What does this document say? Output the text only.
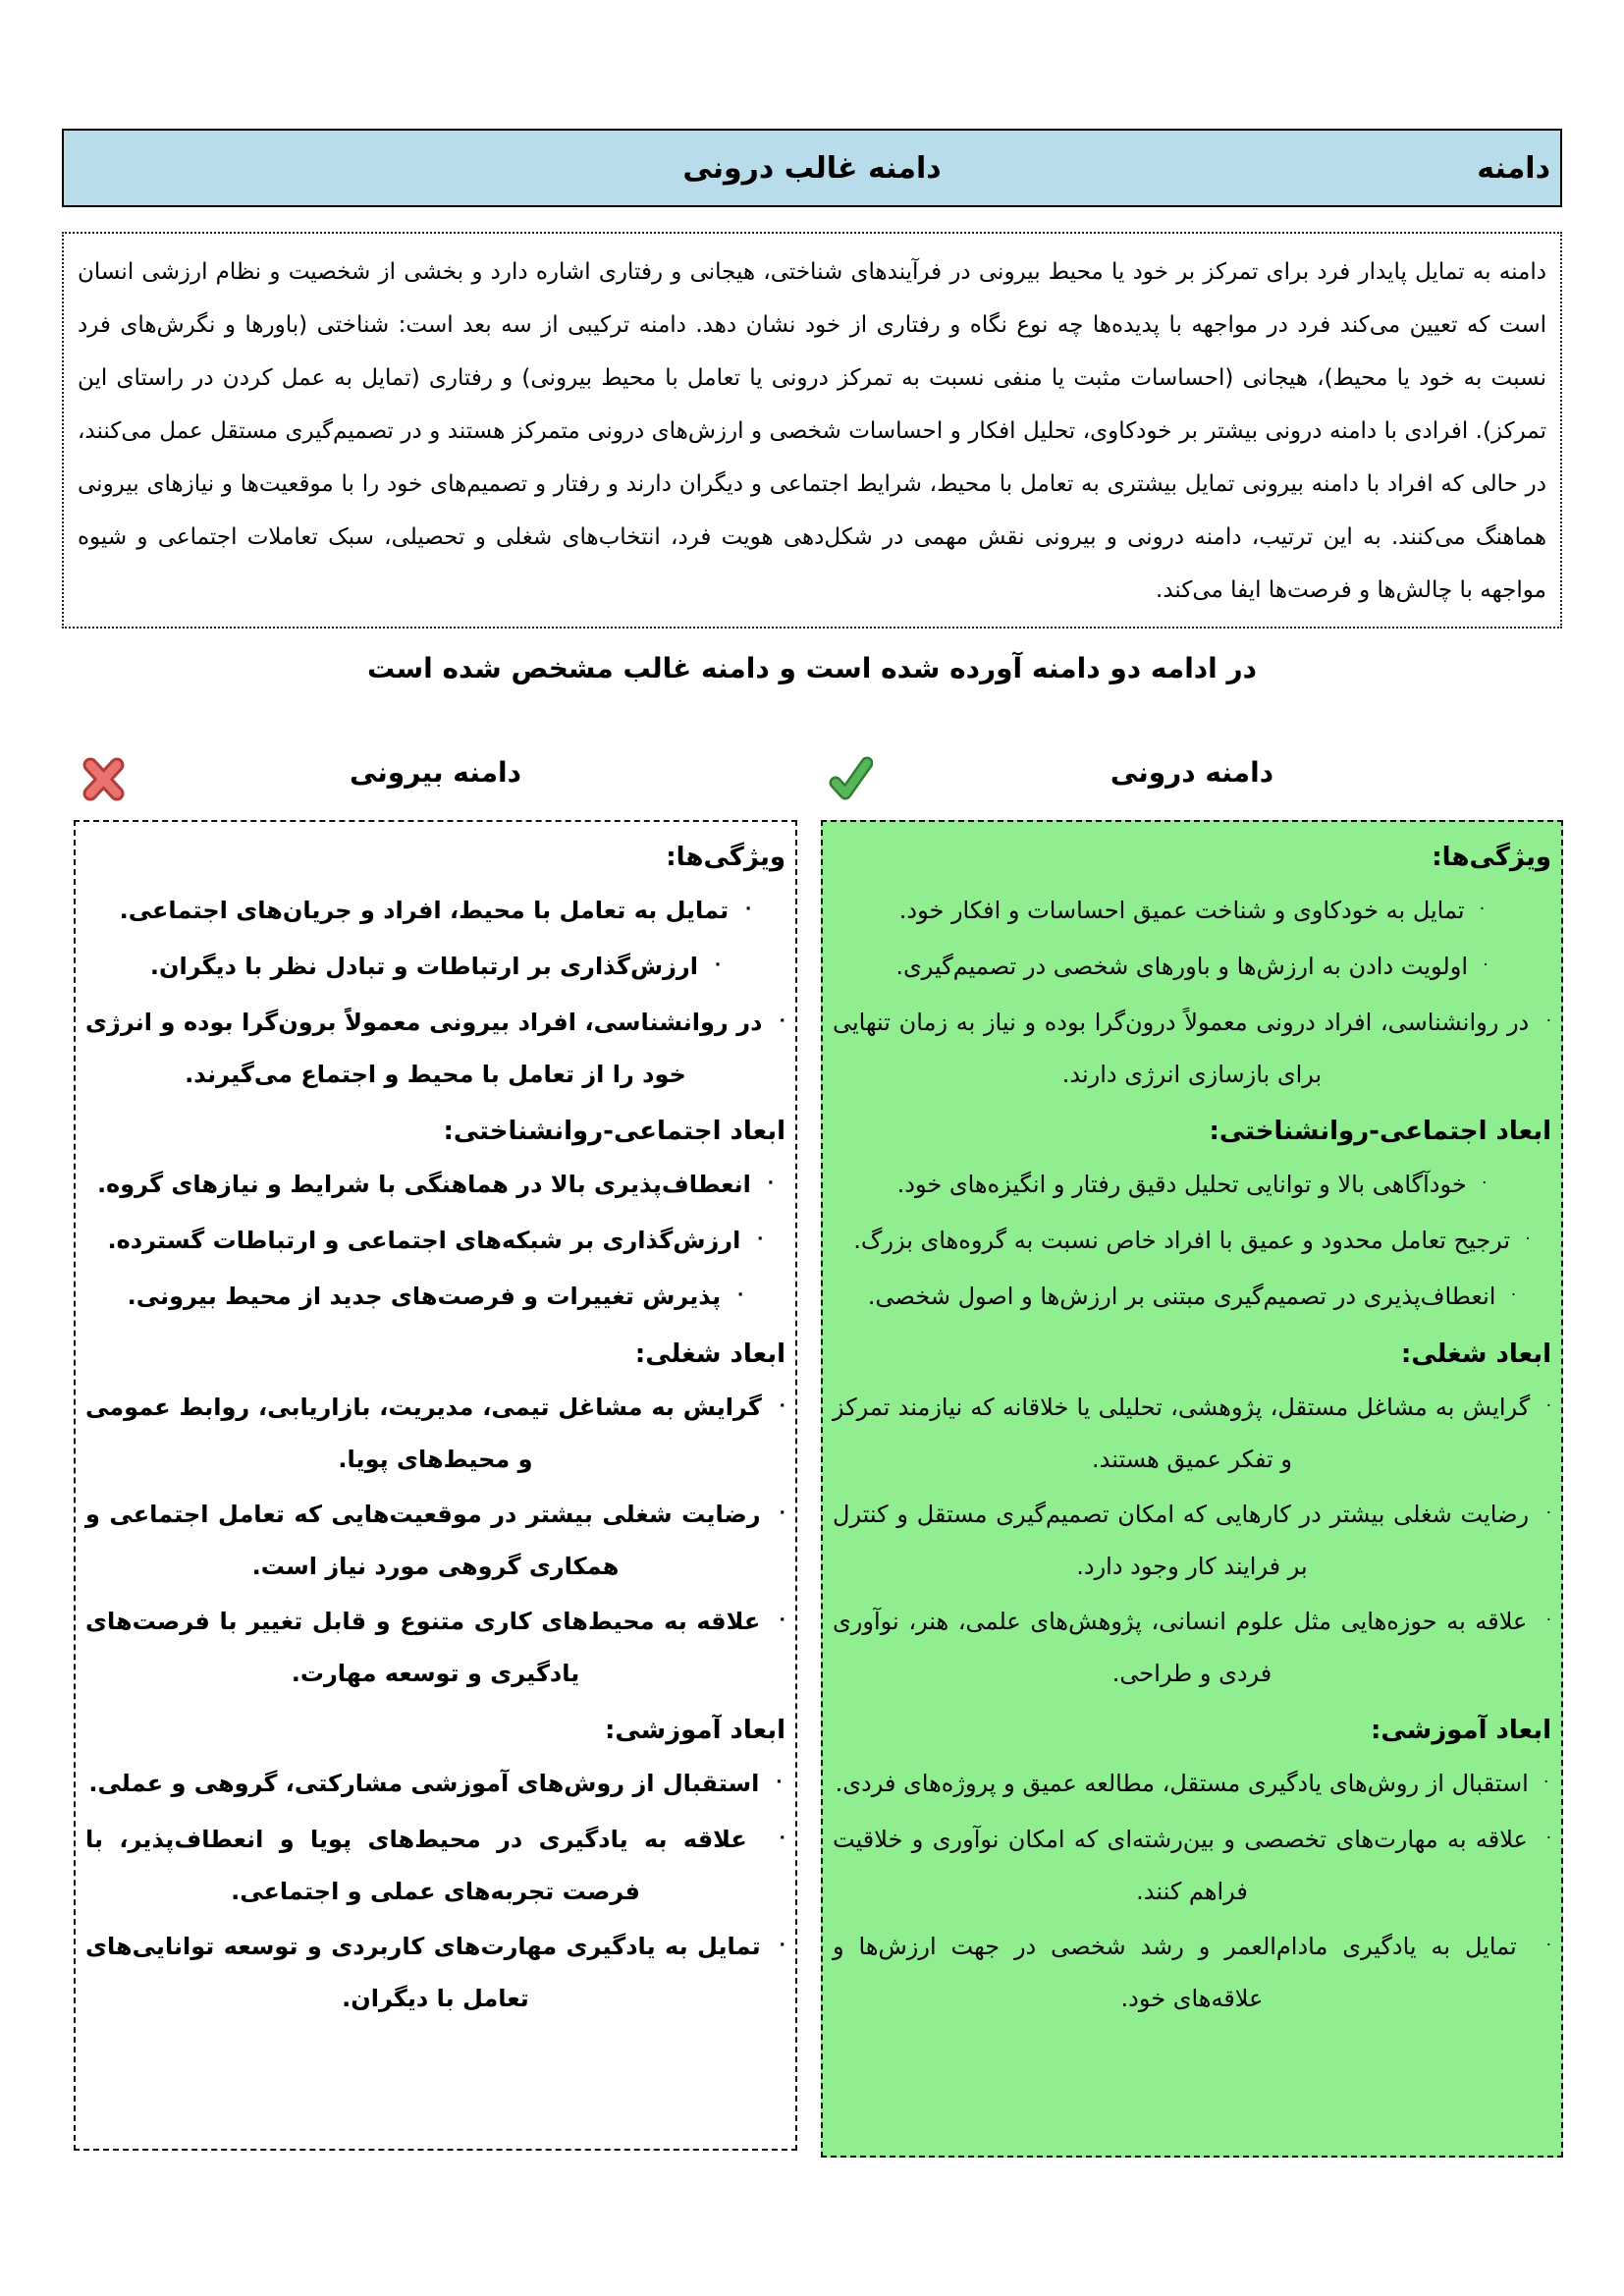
دامنه
دامنه غالب درونی
دامنه به تمایل پایدار فرد برای تمرکز بر خود یا محیط بیرونی در فرآیندهای شناختی، هیجانی و رفتاری اشاره دارد و بخشی از شخصیت و نظام ارزشی انسان است که تعیین می‌کند فرد در مواجهه با پدیده‌ها چه نوع نگاه و رفتاری از خود نشان دهد. دامنه ترکیبی از سه بعد است: شناختی (باورها و نگرش‌های فرد نسبت به خود یا محیط)، هیجانی (احساسات مثبت یا منفی نسبت به تمرکز درونی یا تعامل با محیط بیرونی) و رفتاری (تمایل به عمل کردن در راستای این تمرکز). افرادی با دامنه درونی بیشتر بر خودکاوی، تحلیل افکار و احساسات شخصی و ارزش‌های درونی متمرکز هستند و در تصمیم‌گیری مستقل عمل می‌کنند، در حالی که افراد با دامنه بیرونی تمایل بیشتری به تعامل با محیط، شرایط اجتماعی و دیگران دارند و رفتار و تصمیم‌های خود را با موقعیت‌ها و نیازهای بیرونی هماهنگ می‌کنند. به این ترتیب، دامنه درونی و بیرونی نقش مهمی در شکل‌دهی هویت فرد، انتخاب‌های شغلی و تحصیلی، سبک تعاملات اجتماعی و شیوه مواجهه با چالش‌ها و فرصت‌ها ایفا می‌کند.
در ادامه دو دامنه آورده شده است و دامنه غالب مشخص شده است
دامنه درونی
دامنه بیرونی
ویژگی‌ها:

·  تمایل به خودکاوی و شناخت عمیق احساسات و افکار خود.

·  اولویت دادن به ارزش‌ها و باورهای شخصی در تصمیم‌گیری.

·  در روانشناسی، افراد درونی معمولاً درون‌گرا بوده و نیاز به زمان تنهایی برای بازسازی انرژی دارند.

ابعاد اجتماعی-روانشناختی:

·  خودآگاهی بالا و توانایی تحلیل دقیق رفتار و انگیزه‌های خود.

·  ترجیح تعامل محدود و عمیق با افراد خاص نسبت به گروه‌های بزرگ.

·  انعطاف‌پذیری در تصمیم‌گیری مبتنی بر ارزش‌ها و اصول شخصی.

ابعاد شغلی:

·  گرایش به مشاغل مستقل، پژوهشی، تحلیلی یا خلاقانه که نیازمند تمرکز و تفکر عمیق هستند.

·  رضایت شغلی بیشتر در کارهایی که امکان تصمیم‌گیری مستقل و کنترل بر فرایند کار وجود دارد.

·  علاقه به حوزه‌هایی مثل علوم انسانی، پژوهش‌های علمی، هنر، نوآوری فردی و طراحی.

ابعاد آموزشی:

·  استقبال از روش‌های یادگیری مستقل، مطالعه عمیق و پروژه‌های فردی.

·  علاقه به مهارت‌های تخصصی و بین‌رشته‌ای که امکان نوآوری و خلاقیت فراهم کنند.

·  تمایل به یادگیری مادام‌العمر و رشد شخصی در جهت ارزش‌ها و علاقه‌های خود.

ویژگی‌ها:

·  تمایل به تعامل با محیط، افراد و جریان‌های اجتماعی.

·  ارزش‌گذاری بر ارتباطات و تبادل نظر با دیگران.

·  در روانشناسی، افراد بیرونی معمولاً برون‌گرا بوده و انرژی خود را از تعامل با محیط و اجتماع می‌گیرند.

ابعاد اجتماعی-روانشناختی:

·  انعطاف‌پذیری بالا در هماهنگی با شرایط و نیازهای گروه.

·  ارزش‌گذاری بر شبکه‌های اجتماعی و ارتباطات گسترده.

·  پذیرش تغییرات و فرصت‌های جدید از محیط بیرونی.

ابعاد شغلی:

·  گرایش به مشاغل تیمی، مدیریت، بازاریابی، روابط عمومی و محیط‌های پویا.

·  رضایت شغلی بیشتر در موقعیت‌هایی که تعامل اجتماعی و همکاری گروهی مورد نیاز است.

·  علاقه به محیط‌های کاری متنوع و قابل تغییر با فرصت‌های یادگیری و توسعه مهارت.

ابعاد آموزشی:

·  استقبال از روش‌های آموزشی مشارکتی، گروهی و عملی.

·  علاقه به یادگیری در محیط‌های پویا و انعطاف‌پذیر، با فرصت تجربه‌های عملی و اجتماعی.

·  تمایل به یادگیری مهارت‌های کاربردی و توسعه توانایی‌های تعامل با دیگران.
